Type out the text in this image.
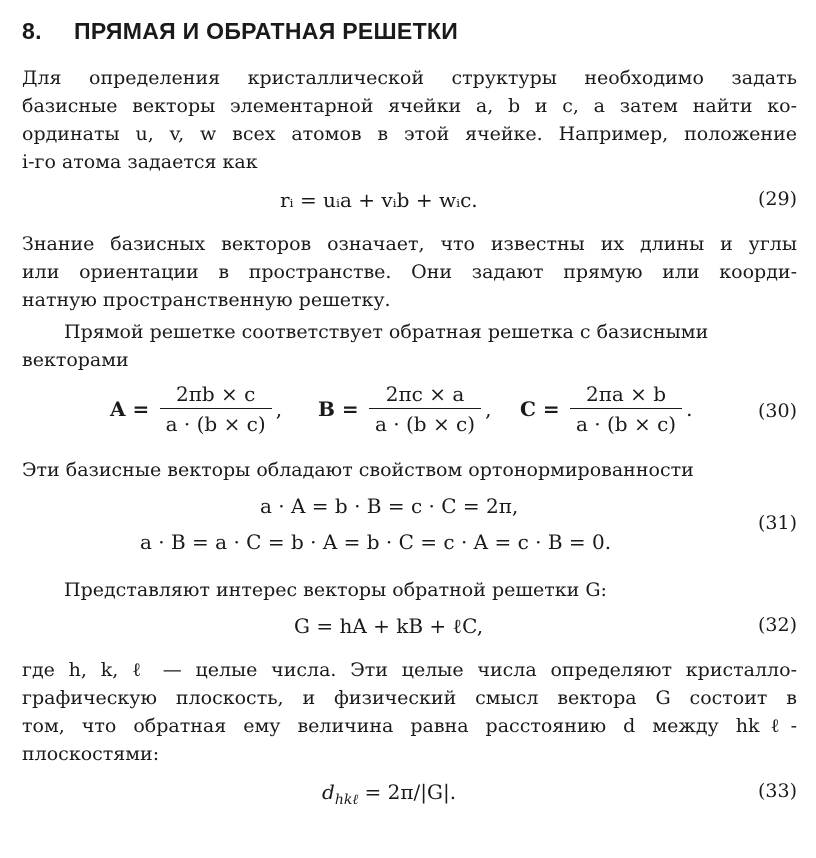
8. ПРЯМАЯ И ОБРАТНАЯ РЕШЕТКИ
Для определения кристаллической структуры необходимо задать
базисные векторы элементарной ячейки a, b и c, а затем найти ко-
ординаты u, v, w всех атомов в этой ячейке. Например, положение
i-го атома задается как
rᵢ = uᵢa + vᵢb + wᵢc.	(29)
Знание базисных векторов означает, что известны их длины и углы
или ориентации в пространстве. Они задают прямую или коорди-
натную пространственную решетку.
Прямой решетке соответствует обратная решетка с базисными
векторами
$A = \frac{2\pi b \times c}{a \cdot (b \times c)}$ , $B = \frac{2\pi c \times a}{a \cdot (b \times c)}$ , $C = \frac{2\pi a \times b}{a \cdot (b \times c)}$ .	(30)
Эти базисные векторы обладают свойством ортонормированности
a · A = b · B = c · C = 2π,
a · B = a · C = b · A = b · C = c · A = c · B = 0.
(31)
Представляют интерес векторы обратной решетки G:
G = hA + kB + ℓC,	(32)
где h, k, ℓ — целые числа. Эти целые числа определяют кристалло-
графическую плоскость, и физический смысл вектора G состоит в
том, что обратная ему величина равна расстоянию d между hkℓ-
плоскостями:
$d_{hk\ell} = 2\pi/|G|$.	(33)
